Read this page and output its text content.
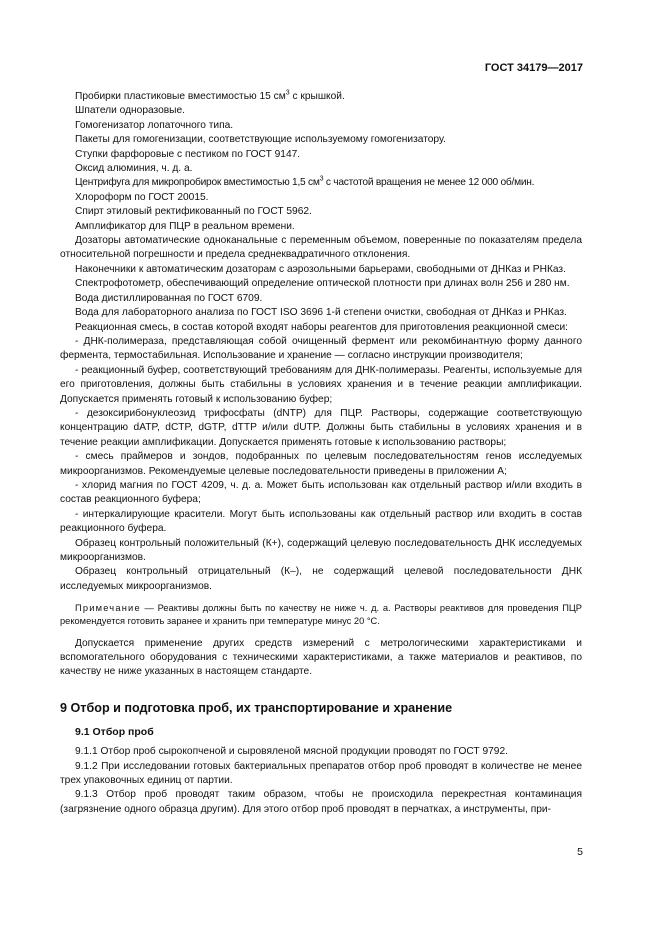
ГОСТ 34179—2017

Пробирки пластиковые вместимостью 15 $см^3$ с крышкой.

Шпатели одноразовые.

Гомогенизатор лопаточного типа.

Пакеты для гомогенизации, соответствующие используемому гомогенизатору.

Ступки фарфоровые с пестиком по ГОСТ 9147.

Оксид алюминия, ч. д. а.

Центрифуга для микропробирок вместимостью 1,5 $см^3$ с частотой вращения не менее 12 000 об/мин.

Хлороформ по ГОСТ 20015.

Спирт этиловый ректификованный по ГОСТ 5962.

Амплификатор для ПЦР в реальном времени.

Дозаторы автоматические одноканальные с переменным объемом, поверенные по показателям предела относительной погрешности и предела среднеквадратичного отклонения.

Наконечники к автоматическим дозаторам с аэрозольными барьерами, свободными от ДНКаз и РНКаз.

Спектрофотометр, обеспечивающий определение оптической плотности при длинах волн 256 и 280 нм.

Вода дистиллированная по ГОСТ 6709.

Вода для лабораторного анализа по ГОСТ ISO 3696 1-й степени очистки, свободная от ДНКаз и РНКаз.

Реакционная смесь, в состав которой входят наборы реагентов для приготовления реакционной смеси:

- ДНК-полимераза, представляющая собой очищенный фермент или рекомбинантную форму данного фермента, термостабильная. Использование и хранение — согласно инструкции производителя;

- реакционный буфер, соответствующий требованиям для ДНК-полимеразы. Реагенты, используемые для его приготовления, должны быть стабильны в условиях хранения и в течение реакции амплификации. Допускается применять готовый к использованию буфер;

- дезоксирибонуклеозид трифосфаты (dNTP) для ПЦР. Растворы, содержащие соответствующую концентрацию dATP, dCTP, dGTP, dTTP и/или dUTP. Должны быть стабильны в условиях хранения и в течение реакции амплификации. Допускается применять готовые к использованию растворы;

- смесь праймеров и зондов, подобранных по целевым последовательностям генов исследуемых микроорганизмов. Рекомендуемые целевые последовательности приведены в приложении А;

- хлорид магния по ГОСТ 4209, ч. д. а. Может быть использован как отдельный раствор и/или входить в состав реакционного буфера;

- интеркалирующие красители. Могут быть использованы как отдельный раствор или входить в состав реакционного буфера.

Образец контрольный положительный (К+), содержащий целевую последовательность ДНК исследуемых микроорганизмов.

Образец контрольный отрицательный (К–), не содержащий целевой последовательности ДНК исследуемых микроорганизмов.

Примечание — Реактивы должны быть по качеству не ниже ч. д. а. Растворы реактивов для проведения ПЦР рекомендуется готовить заранее и хранить при температуре минус 20 °С.

Допускается применение других средств измерений с метрологическими характеристиками и вспомогательного оборудования с техническими характеристиками, а также материалов и реактивов, по качеству не ниже указанных в настоящем стандарте.

9 Отбор и подготовка проб, их транспортирование и хранение
9.1 Отбор проб

9.1.1 Отбор проб сырокопченой и сыровяленой мясной продукции проводят по ГОСТ 9792.

9.1.2 При исследовании готовых бактериальных препаратов отбор проб проводят в количестве не менее трех упаковочных единиц от партии.

9.1.3 Отбор проб проводят таким образом, чтобы не происходила перекрестная контаминация (загрязнение одного образца другим). Для этого отбор проб проводят в перчатках, а инструменты, при-

5
